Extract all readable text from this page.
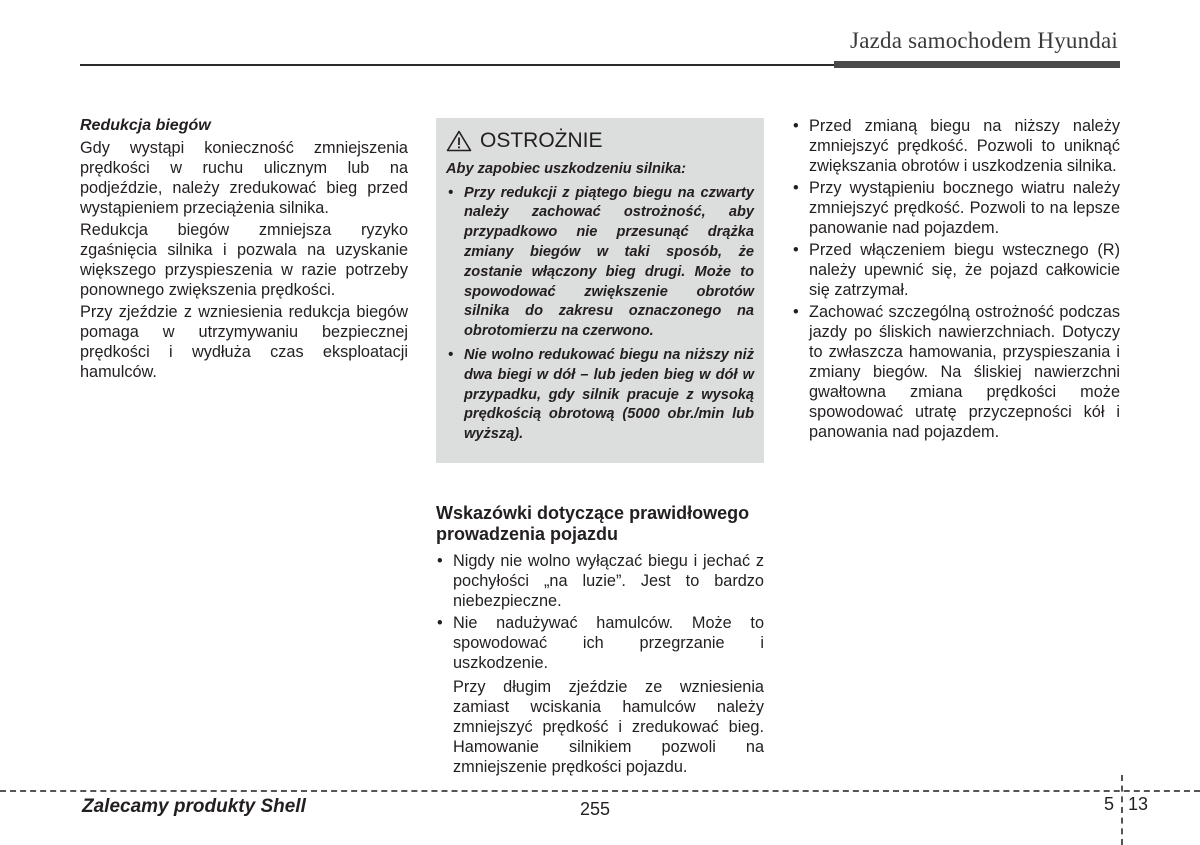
Jazda samochodem Hyundai
Redukcja biegów

Gdy wystąpi konieczność zmniejszenia prędkości w ruchu ulicznym lub na podjeździe, należy zredukować bieg przed wystąpieniem przeciążenia silnika.

Redukcja biegów zmniejsza ryzyko zgaśnięcia silnika i pozwala na uzyskanie większego przyspieszenia w razie potrzeby ponownego zwiększenia prędkości.

Przy zjeździe z wzniesienia redukcja biegów pomaga w utrzymywaniu bezpiecznej prędkości i wydłuża czas eksploatacji hamulców.

OSTROŻNIE
Aby zapobiec uszkodzeniu silnika:
• Przy redukcji z piątego biegu na czwarty należy zachować ostrożność, aby przypadkowo nie przesunąć drążka zmiany biegów w taki sposób, że zostanie włączony bieg drugi. Może to spowodować zwiększenie obrotów silnika do zakresu oznaczonego na obrotomierzu na czerwono.
• Nie wolno redukować biegu na niższy niż dwa biegi w dół – lub jeden bieg w dół w przypadku, gdy silnik pracuje z wysoką prędkością obrotową (5000 obr./min lub wyższą).
Wskazówki dotyczące prawidłowego prowadzenia pojazdu
• Nigdy nie wolno wyłączać biegu i jechać z pochyłości „na luzie”. Jest to bardzo niebezpieczne.
• Nie nadużywać hamulców. Może to spowodować ich przegrzanie i uszkodzenie.

Przy długim zjeździe ze wzniesienia zamiast wciskania hamulców należy zmniejszyć prędkość i zredukować bieg. Hamowanie silnikiem pozwoli na zmniejszenie prędkości pojazdu.

• Przed zmianą biegu na niższy należy zmniejszyć prędkość. Pozwoli to uniknąć zwiększania obrotów i uszkodzenia silnika.
• Przy wystąpieniu bocznego wiatru należy zmniejszyć prędkość. Pozwoli to na lepsze panowanie nad pojazdem.
• Przed włączeniem biegu wstecznego (R) należy upewnić się, że pojazd całkowicie się zatrzymał.
• Zachować szczególną ostrożność podczas jazdy po śliskich nawierzchniach. Dotyczy to zwłaszcza hamowania, przyspieszania i zmiany biegów. Na śliskiej nawierzchni gwałtowna zmiana prędkości może spowodować utratę przyczepności kół i panowania nad pojazdem.
Zalecamy produkty Shell	255	5 13
